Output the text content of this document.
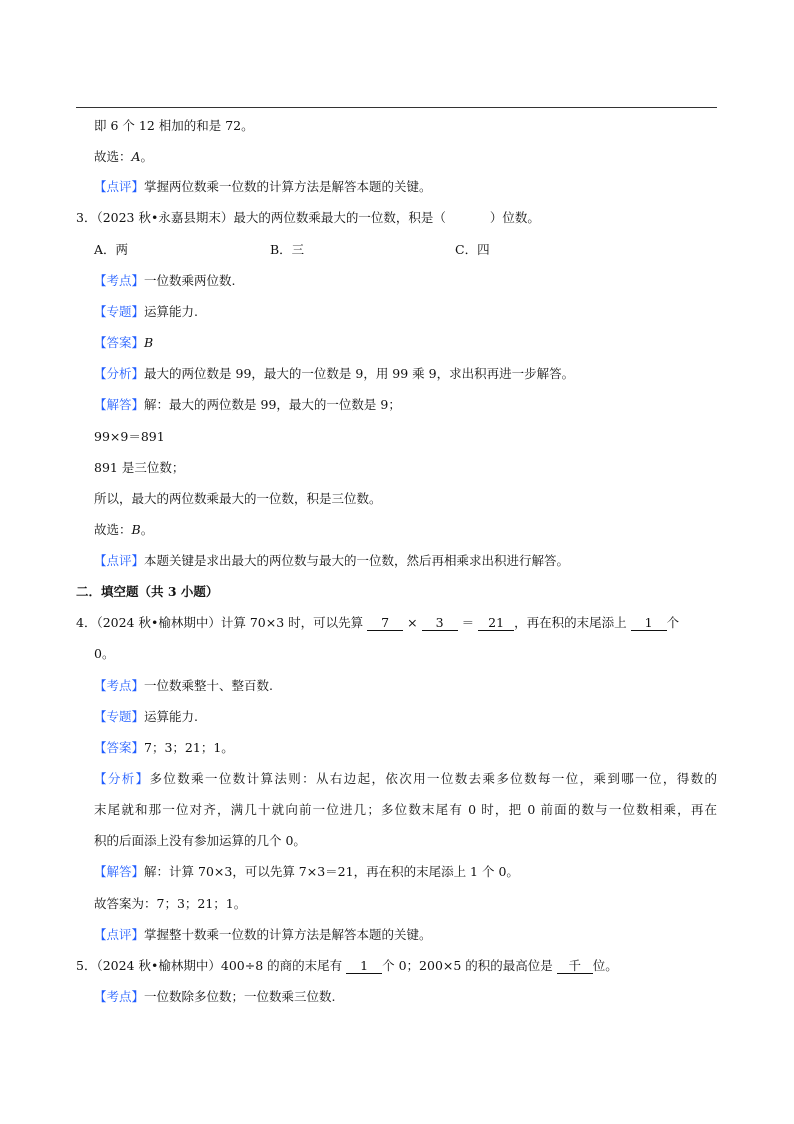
即 6 个 12 相加的和是 72。
故选：A。
【点评】掌握两位数乘一位数的计算方法是解答本题的关键。
3．（2023 秋•永嘉县期末）最大的两位数乘最大的一位数，积是（	）位数。
A．两	B．三	C．四
【考点】一位数乘两位数.
【专题】运算能力.
【答案】B
【分析】最大的两位数是 99，最大的一位数是 9，用 99 乘 9，求出积再进一步解答。
【解答】解：最大的两位数是 99，最大的一位数是 9；
99×9＝891
891 是三位数；
所以，最大的两位数乘最大的一位数，积是三位数。
故选：B。
【点评】本题关键是求出最大的两位数与最大的一位数，然后再相乘求出积进行解答。
二．填空题（共 3 小题）
4．（2024 秋•榆林期中）计算 70×3 时，可以先算 7 × 3 ＝ 21 ，再在积的末尾添上 1 个
0。
【考点】一位数乘整十、整百数.
【专题】运算能力.
【答案】7；3；21；1。
【分析】多位数乘一位数计算法则：从右边起，依次用一位数去乘多位数每一位，乘到哪一位，得数的
末尾就和那一位对齐，满几十就向前一位进几；多位数末尾有 0 时，把 0 前面的数与一位数相乘，再在
积的后面添上没有参加运算的几个 0。
【解答】解：计算 70×3，可以先算 7×3＝21，再在积的末尾添上 1 个 0。
故答案为：7；3；21；1。
【点评】掌握整十数乘一位数的计算方法是解答本题的关键。
5．（2024 秋•榆林期中）400÷8 的商的末尾有 1 个 0；200×5 的积的最高位是 千 位。
【考点】一位数除多位数；一位数乘三位数.
